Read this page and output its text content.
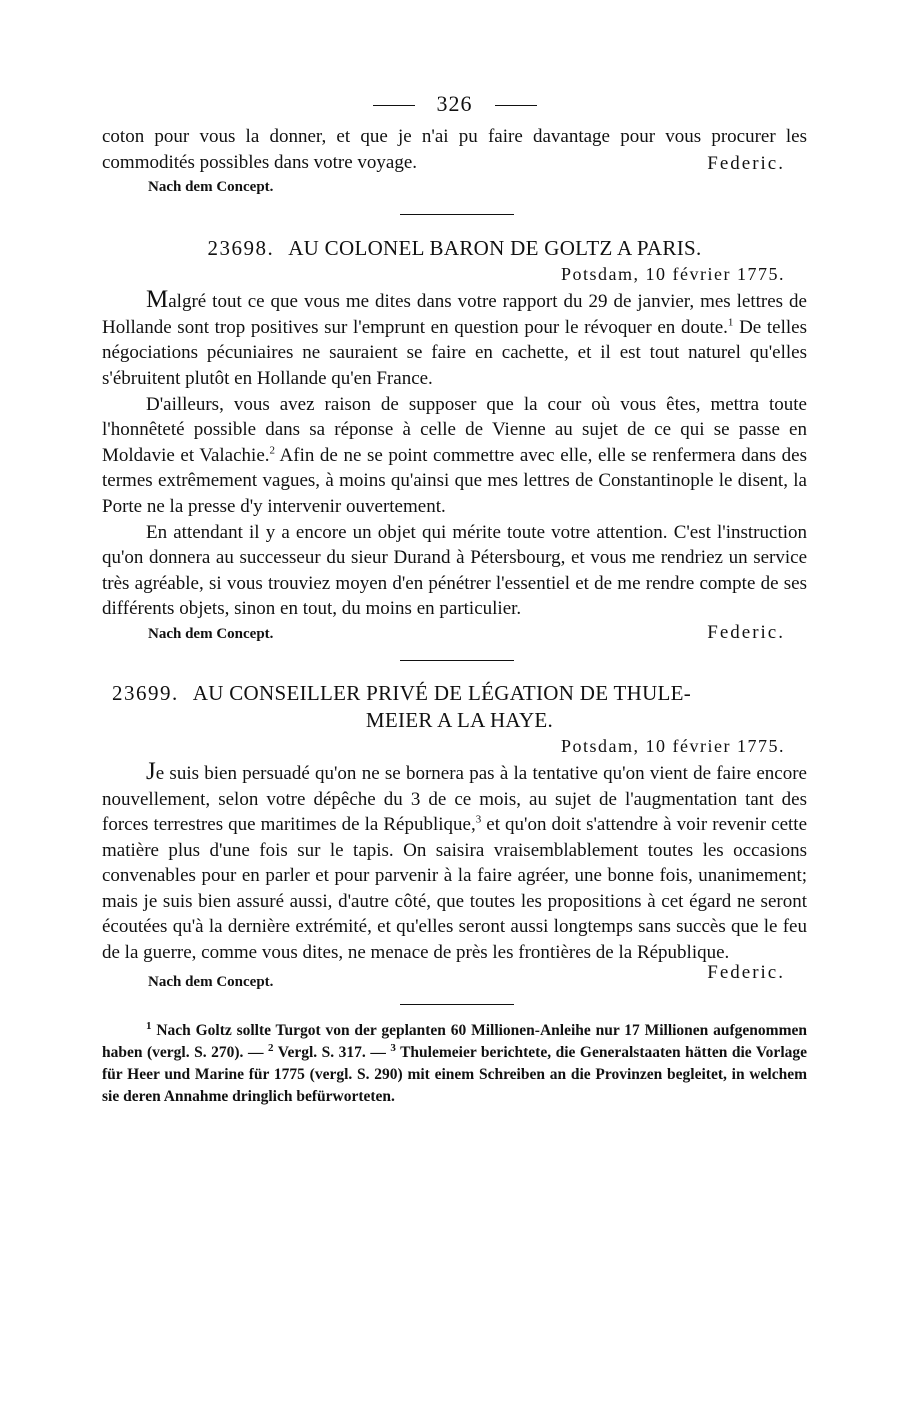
326

coton pour vous la donner, et que je n'ai pu faire davantage pour vous procurer les commodités possibles dans votre voyage.

Nach dem Concept.
Federic.
23698. AU COLONEL BARON DE GOLTZ A PARIS.
Potsdam, 10 février 1775.

Malgré tout ce que vous me dites dans votre rapport du 29 de janvier, mes lettres de Hollande sont trop positives sur l'emprunt en question pour le révoquer en doute.$^1$ De telles négociations pécuniaires ne sauraient se faire en cachette, et il est tout naturel qu'elles s'ébruitent plutôt en Hollande qu'en France.

D'ailleurs, vous avez raison de supposer que la cour où vous êtes, mettra toute l'honnêteté possible dans sa réponse à celle de Vienne au sujet de ce qui se passe en Moldavie et Valachie.$^2$ Afin de ne se point commettre avec elle, elle se renfermera dans des termes extrêmement vagues, à moins qu'ainsi que mes lettres de Constantinople le disent, la Porte ne la presse d'y intervenir ouvertement.

En attendant il y a encore un objet qui mérite toute votre attention. C'est l'instruction qu'on donnera au successeur du sieur Durand à Pétersbourg, et vous me rendriez un service très agréable, si vous trouviez moyen d'en pénétrer l'essentiel et de me rendre compte de ses différents objets, sinon en tout, du moins en particulier.

Nach dem Concept.	Federic.
23699. AU CONSEILLER PRIVÉ DE LÉGATION DE THULE-
MEIER A LA HAYE.
Potsdam, 10 février 1775.

Je suis bien persuadé qu'on ne se bornera pas à la tentative qu'on vient de faire encore nouvellement, selon votre dépêche du 3 de ce mois, au sujet de l'augmentation tant des forces terrestres que maritimes de la République,$^3$ et qu'on doit s'attendre à voir revenir cette matière plus d'une fois sur le tapis. On saisira vraisemblablement toutes les occasions convenables pour en parler et pour parvenir à la faire agréer, une bonne fois, unanimement; mais je suis bien assuré aussi, d'autre côté, que toutes les propositions à cet égard ne seront écoutées qu'à la dernière extrémité, et qu'elles seront aussi longtemps sans succès que le feu de la guerre, comme vous dites, ne menace de près les frontières de la République.

Nach dem Concept.	Federic.
$^1$ Nach Goltz sollte Turgot von der geplanten 60 Millionen-Anleihe nur 17 Millionen aufgenommen haben (vergl. S. 270). — $^2$ Vergl. S. 317. — $^3$ Thulemeier berichtete, die Generalstaaten hätten die Vorlage für Heer und Marine für 1775 (vergl. S. 290) mit einem Schreiben an die Provinzen begleitet, in welchem sie deren Annahme dringlich befürworteten.
